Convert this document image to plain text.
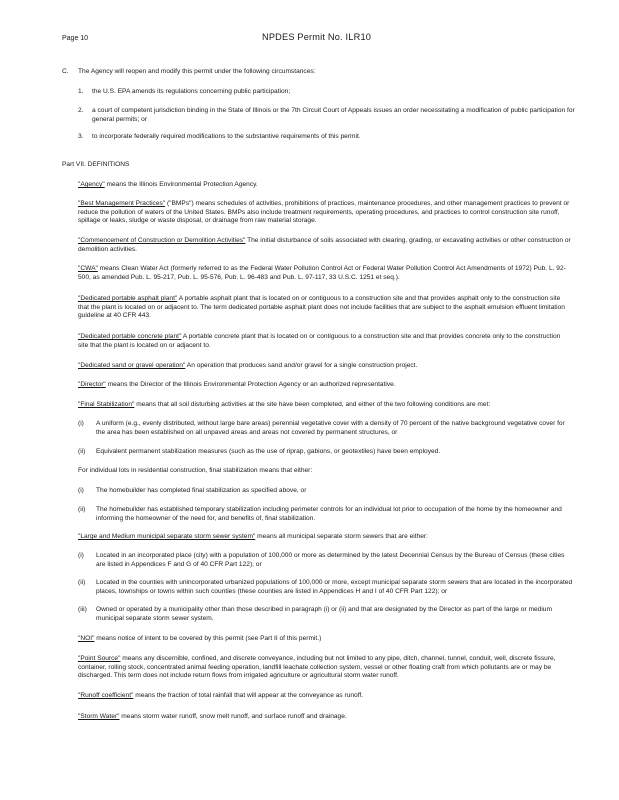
Page 10	NPDES Permit No. ILR10
C. The Agency will reopen and modify this permit under the following circumstances:
1. the U.S. EPA amends its regulations concerning public participation;
2. a court of competent jurisdiction binding in the State of Illinois or the 7th Circuit Court of Appeals issues an order necessitating a modification of public participation for general permits; or
3. to incorporate federally required modifications to the substantive requirements of this permit.
Part VII. DEFINITIONS

"Agency" means the Illinois Environmental Protection Agency.

"Best Management Practices" ("BMPs") means schedules of activities, prohibitions of practices, maintenance procedures, and other management practices to prevent or reduce the pollution of waters of the United States. BMPs also include treatment requirements, operating procedures, and practices to control construction site runoff, spillage or leaks, sludge or waste disposal, or drainage from raw material storage.

"Commencement of Construction or Demolition Activities" The initial disturbance of soils associated with clearing, grading, or excavating activities or other construction or demolition activities.

"CWA" means Clean Water Act (formerly referred to as the Federal Water Pollution Control Act or Federal Water Pollution Control Act Amendments of 1972) Pub. L. 92-500, as amended Pub. L. 95-217, Pub. L. 95-576, Pub. L. 96-483 and Pub. L. 97-117, 33 U.S.C. 1251 et seq.).

"Dedicated portable asphalt plant" A portable asphalt plant that is located on or contiguous to a construction site and that provides asphalt only to the construction site that the plant is located on or adjacent to. The term dedicated portable asphalt plant does not include facilities that are subject to the asphalt emulsion effluent limitation guideline at 40 CFR 443.

"Dedicated portable concrete plant" A portable concrete plant that is located on or contiguous to a construction site and that provides concrete only to the construction site that the plant is located on or adjacent to.

"Dedicated sand or gravel operation" An operation that produces sand and/or gravel for a single construction project.

"Director" means the Director of the Illinois Environmental Protection Agency or an authorized representative.

"Final Stabilization" means that all soil disturbing activities at the site have been completed, and either of the two following conditions are met:

(i) A uniform (e.g., evenly distributed, without large bare areas) perennial vegetative cover with a density of 70 percent of the native background vegetative cover for the area has been established on all unpaved areas and areas not covered by permanent structures, or
(ii) Equivalent permanent stabilization measures (such as the use of riprap, gabions, or geotextiles) have been employed.
For individual lots in residential construction, final stabilization means that either:
(i) The homebuilder has completed final stabilization as specified above, or
(ii) The homebuilder has established temporary stabilization including perimeter controls for an individual lot prior to occupation of the home by the homeowner and informing the homeowner of the need for, and benefits of, final stabilization.

"Large and Medium municipal separate storm sewer system" means all municipal separate storm sewers that are either:

(i) Located in an incorporated place (city) with a population of 100,000 or more as determined by the latest Decennial Census by the Bureau of Census (these cities are listed in Appendices F and G of 40 CFR Part 122); or
(ii) Located in the counties with unincorporated urbanized populations of 100,000 or more, except municipal separate storm sewers that are located in the incorporated places, townships or towns within such counties (these counties are listed in Appendices H and I of 40 CFR Part 122); or
(iii) Owned or operated by a municipality other than those described in paragraph (i) or (ii) and that are designated by the Director as part of the large or medium municipal separate storm sewer system.

"NOI" means notice of intent to be covered by this permit (see Part II of this permit.)

"Point Source" means any discernible, confined, and discrete conveyance, including but not limited to any pipe, ditch, channel, tunnel, conduit, well, discrete fissure, container, rolling stock, concentrated animal feeding operation, landfill leachate collection system, vessel or other floating craft from which pollutants are or may be discharged. This term does not include return flows from irrigated agriculture or agricultural storm water runoff.

"Runoff coefficient" means the fraction of total rainfall that will appear at the conveyance as runoff.

"Storm Water" means storm water runoff, snow melt runoff, and surface runoff and drainage.
